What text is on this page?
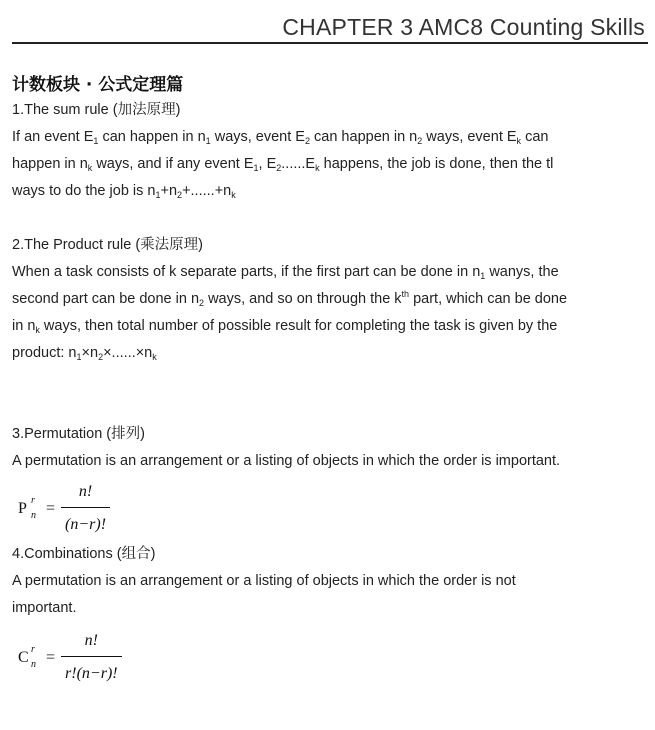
CHAPTER 3 AMC8 Counting Skills
计数板块 · 公式定理篇

1.The sum rule (加法原理)

If an event $E_1$ can happen in $n_1$ ways, event $E_2$ can happen in $n_2$ ways, event $E_k$ can

happen in $n_k$ ways, and if any event $E_1$, $E_2......E_k$ happens, the job is done, then the tl

ways to do the job is $n_1+n_2+......+n_k$

2.The Product rule (乘法原理)

When a task consists of k separate parts, if the first part can be done in $n_1$ wanys, the

second part can be done in $n_2$ ways, and so on through the $k^{th}$ part, which can be done

in $n_k$ ways, then total number of possible result for completing the task is given by the

product: $n_1\times n_2\times......\times n_k$

3.Permutation (排列)

A permutation is an arrangement or a listing of objects in which the order is important.

P r
$n = \frac{n!}{(n-r)!}$

4.Combinations (组合)

A permutation is an arrangement or a listing of objects in which the order is not

important.

C r
$n = \frac{n!}{r!(n-r)!}$
